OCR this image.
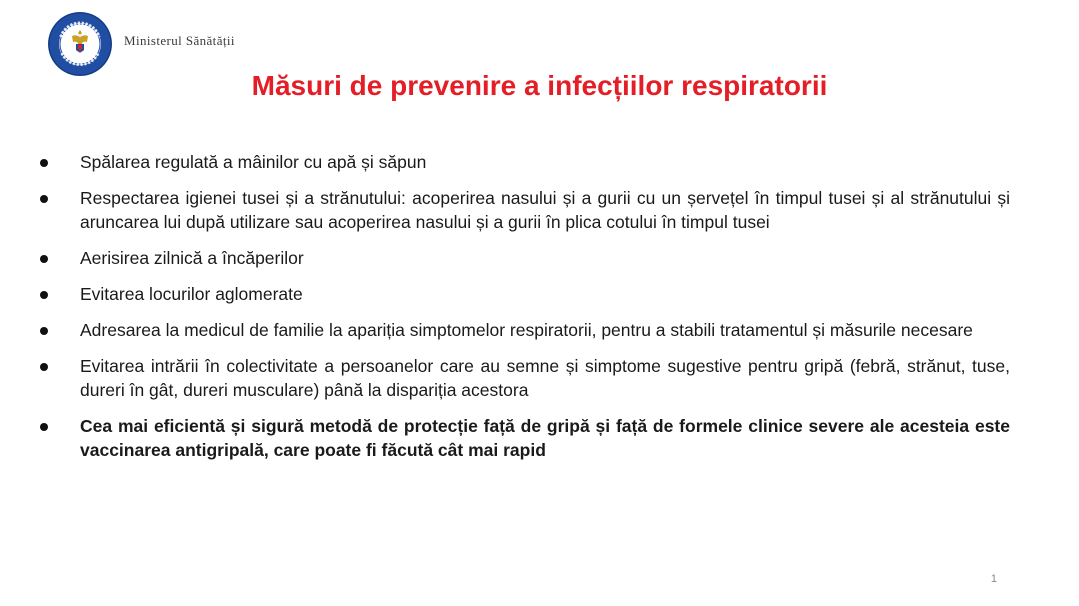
Ministerul Sănătății
Măsuri de prevenire a infecțiilor respiratorii
Spălarea regulată a mâinilor cu apă și săpun
Respectarea igienei tusei și a strănutului: acoperirea nasului și a gurii cu un șervețel în timpul tusei și al strănutului și aruncarea lui după utilizare sau acoperirea nasului și a gurii în plica cotului în timpul tusei
Aerisirea zilnică a încăperilor
Evitarea locurilor aglomerate
Adresarea la medicul de familie la apariția simptomelor respiratorii, pentru a stabili tratamentul și măsurile necesare
Evitarea intrării în colectivitate a persoanelor care au semne și simptome sugestive pentru gripă (febră, strănut, tuse, dureri în gât, dureri musculare) până la dispariția acestora
Cea mai eficientă și sigură metodă de protecție față de gripă și față de formele clinice severe ale acesteia este vaccinarea antigripală, care poate fi făcută cât mai rapid
1
